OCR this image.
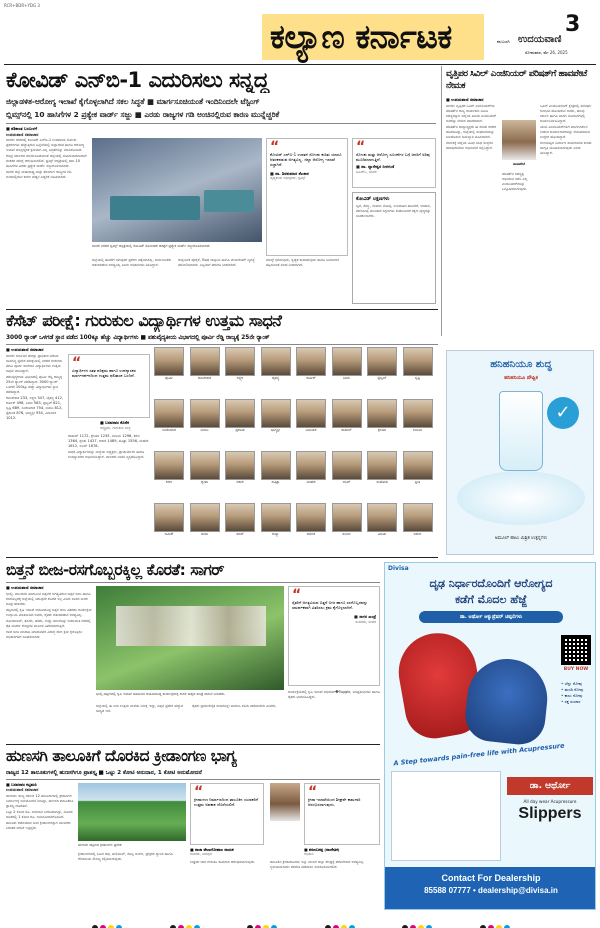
RCR+BDR+YDG 3
ಕಲ್ಯಾಣ ಕರ್ನಾಟಕ	3
ಕಲಬುರಗಿ ಉದಯವಾಣಿ
ಸೋಮವಾರ, ಮೇ 26, 2025
ಕೋವಿಡ್ ಎನ್‌ಬಿ-1 ಎದುರಿಸಲು ಸನ್ನದ್ಧ
ಜಿಲ್ಲಾಡಳಿತ-ಆರೋಗ್ಯ ಇಲಾಖೆ ಕೈಗೊಳ್ಳಲಾಗಿದೆ ಸಕಲ ಸಿದ್ಧತೆ ■ ಮಾರ್ಗಸೂಚಿಯಂತೆ ಇಂದಿನಿಂದಲೇ ಟೆಸ್ಟಿಂಗ್
ಬ್ಲಿಮ್ಸ್‌ನಲ್ಲಿ 10 ಹಾಸಿಗೆಗಳ 2 ಪ್ರತ್ಯೇಕ ವಾರ್ಡ್ ಸಜ್ಜು ■ ಎರಡು ರಾಜ್ಯಗಳ ಗಡಿ ಅಂಚಿನಲ್ಲಿರುವ ಕಾರಣ ಮುನ್ನೆಚ್ಚರಿಕೆ
■ ಶಶಿಕಾಂತ ಬಂಬುಳಗೆ
ಉದಯವಾಣಿ ಸಮಾಚಾರ

ಬೀದರ: ದೇಶದಲ್ಲಿ ಕೋವಿಡ್ ಎನ್‌ಬಿ-1 ಉಪತಳಿಯ ಸೋಂಕು ಪ್ರಕರಣಗಳು ಹೆಚ್ಚುತ್ತಿರುವ ಹಿನ್ನೆಲೆಯಲ್ಲಿ ಜಿಲ್ಲಾಡಳಿತ ಹಾಗೂ ಆರೋಗ್ಯ ಇಲಾಖೆ ಮುನ್ನೆಚ್ಚರಿಕೆ ಕ್ರಮವಾಗಿ ಎಲ್ಲ ಸಿದ್ಧತೆಗಳನ್ನು ಮಾಡಿಕೊಂಡಿದೆ.

ಕೇಂದ್ರ ಸರ್ಕಾರದ ಮಾರ್ಗಸೂಚಿಯಂತೆ ಜಿಲ್ಲೆಯಲ್ಲಿ ಸೋಮವಾರದಿಂದಲೇ ಶಂಕಿತರ ಪರೀಕ್ಷೆ ಆರಂಭವಾಗಲಿದೆ. ಬ್ರಿಮ್ಸ್ ಆಸ್ಪತ್ರೆಯಲ್ಲಿ ತಲಾ 10 ಹಾಸಿಗೆಗಳ ಎರಡು ಪ್ರತ್ಯೇಕ ವಾರ್ಡ್ ಸಜ್ಜುಗೊಳಿಸಲಾಗಿದೆ.

ಬೀದರ ಜಿಲ್ಲೆ ಮಹಾರಾಷ್ಟ್ರ ಮತ್ತು ತೆಲಂಗಾಣ ರಾಜ್ಯಗಳ ಗಡಿ ಅಂಚಿನಲ್ಲಿರುವ ಕಾರಣ ಹೆಚ್ಚಿನ ಎಚ್ಚರಿಕೆ ವಹಿಸಲಾಗಿದೆ.

ಬೀದರ ನಗರದ ಬ್ರಿಮ್ಸ್ ಆಸ್ಪತ್ರೆಯಲ್ಲಿ ಕೋವಿಡ್ ಸೋಂಕಿತರ ಚಿಕಿತ್ಸೆಗೆ ಪ್ರತ್ಯೇಕ ವಾರ್ಡ್ ಸಜ್ಜುಗೊಳಿಸಲಾಗಿದೆ.

ಜಿಲ್ಲೆಯಲ್ಲಿ ಈವರೆಗೆ ಯಾವುದೇ ಪ್ರಕರಣ ಪತ್ತೆಯಾಗಿಲ್ಲ. ಸಾರ್ವಜನಿಕರು ಆತಂಕಪಡುವ ಅಗತ್ಯವಿಲ್ಲ ಎಂದು ಅಧಿಕಾರಿಗಳು ತಿಳಿಸಿದ್ದಾರೆ.

ಆಮ್ಲಜನಕ ಪೂರೈಕೆ, ಔಷಧ ದಾಸ್ತಾನು ಹಾಗೂ ವೆಂಟಿಲೇಟರ್ ವ್ಯವಸ್ಥೆ ಪರಿಶೀಲಿಸಲಾಗಿದೆ. ಸಿಬ್ಬಂದಿಗೆ ತರಬೇತಿ ನೀಡಲಾಗಿದೆ.

“
ಕೋವಿಡ್ ಎನ್‌ಬಿ-1 ಉಪತಳಿ ಸೋಂಕು ಕುರಿತು ಯಾರೂ ಆತಂಕಪಡುವ ಅಗತ್ಯವಿಲ್ಲ. ಜಿಲ್ಲಾ ಆರೋಗ್ಯ ಇಲಾಖೆ ಸಜ್ಜಾಗಿದೆ.
■ ಡಾ. ಶಿವಕುಮಾರ ಶೆಟಕಾರ
ವೈದ್ಯಕೀಯ ಅಧೀಕ್ಷಕರು, ಬ್ರಿಮ್ಸ್

ಮಾಸ್ಕ್ ಧರಿಸುವುದು, ಸ್ವಚ್ಛತೆ ಕಾಪಾಡುವುದು ಹಾಗೂ ಜನಸಂದಣಿ ತಪ್ಪಿಸುವಂತೆ ಸಲಹೆ ನೀಡಲಾಗಿದೆ.

“
ಸೋಂಕು ಮತ್ತು ಆರೋಗ್ಯ ಸೂಚನೆಗಳ ಬಗ್ಗೆ ಜನರಿಗೆ ಅರಿವು ಮೂಡಿಸಲಾಗುತ್ತಿದೆ.
■ ಡಾ. ಧ್ಯಾನೇಶ್ವರ ನೀರಗುಡೆ
ಡಿಎಚ್‌ಒ, ಬೀದರ
ಕೋವಿಡ್ ಲಕ್ಷಣಗಳು
ಜ್ವರ, ಕೆಮ್ಮು, ಗಂಟಲು ನೋವು, ಉಸಿರಾಟದ ತೊಂದರೆ, ಆಯಾಸ, ತಲೆನೋವು ಮುಂತಾದ ಲಕ್ಷಣಗಳು ಕಂಡುಬಂದರೆ ತಕ್ಷಣ ವೈದ್ಯರನ್ನು ಸಂಪರ್ಕಿಸಬೇಕು.
ವೃತ್ತಿಪರ ಸಿವಿಲ್ ಎಂಜಿನಿಯರ್ ಪರಿಷತ್‌ಗೆ ಹಾವಪೇಟೆ ನೇಮಕ
■ ಉದಯವಾಣಿ ಸಮಾಚಾರ

ಬೀದರ: ವೃತ್ತಿಪರ ಸಿವಿಲ್ ಎಂಜಿನಿಯರ್‌ಗಳ ಪರಿಷತ್‌ನ ರಾಜ್ಯ ಕಾರ್ಯಕಾರಿ ಸಮಿತಿ ಸದಸ್ಯರನ್ನಾಗಿ ಜಿಲ್ಲೆಯ ಹಿರಿಯ ಎಂಜಿನಿಯರ್ ಅವರನ್ನು ನೇಮಕ ಮಾಡಲಾಗಿದೆ.

ಪರಿಷತ್‌ನ ರಾಜ್ಯಾಧ್ಯಕ್ಷರು ಈ ಕುರಿತು ಆದೇಶ ಹೊರಡಿಸಿದ್ದು, ಜಿಲ್ಲೆಯಲ್ಲಿ ಸಂಘಟನೆಯನ್ನು ಬಲಪಡಿಸುವ ಜವಾಬ್ದಾರಿ ವಹಿಸಲಾಗಿದೆ.

ನೇಮಕಕ್ಕೆ ಜಿಲ್ಲೆಯ ವಿವಿಧ ಸಂಘ ಸಂಸ್ಥೆಗಳ ಪದಾಧಿಕಾರಿಗಳು ಅಭಿನಂದನೆ ಸಲ್ಲಿಸಿದ್ದಾರೆ.

ಹಾವಪೇಟೆ

ಸಿವಿಲ್ ಎಂಜಿನಿಯರಿಂಗ್ ಕ್ಷೇತ್ರದಲ್ಲಿ ಸುದೀರ್ಘ ಅನುಭವ ಹೊಂದಿರುವ ಅವರು, ಹಲವು ಸರ್ಕಾರಿ ಹಾಗೂ ಖಾಸಗಿ ಯೋಜನೆಗಳಲ್ಲಿ ಕಾರ್ಯನಿರ್ವಹಿಸಿದ್ದಾರೆ.

ಯುವ ಎಂಜಿನಿಯರ್‌ಗಳಿಗೆ ಮಾರ್ಗದರ್ಶನ ನೀಡುವ ಕಾರ್ಯಾಗಾರಗಳನ್ನು ಆಯೋಜಿಸುವ ಉದ್ದೇಶ ಹೊಂದಿದ್ದಾರೆ.

ಗುಣಮಟ್ಟದ ನಿರ್ಮಾಣ ಕಾಮಗಾರಿಗಳ ಕುರಿತು ಜಾಗೃತಿ ಮೂಡಿಸಲಾಗುವುದು ಎಂದು ತಿಳಿಸಿದ್ದಾರೆ.

ಪರಿಷತ್‌ನ ಸದಸ್ಯತ್ವ ಅಭಿಯಾನ ನಡೆಸಿ ಎಲ್ಲ ಎಂಜಿನಿಯರ್‌ಗಳನ್ನು ಒಗ್ಗೂಡಿಸಲಾಗುವುದು.

ಕೆಸೆಟ್ ಪರೀಕ್ಷೆ: ಗುರುಕುಲ ವಿದ್ಯಾರ್ಥಿಗಳ ಉತ್ತಮ ಸಾಧನೆ
3000 ರ‍್ಯಾಂಕ್ ಒಳಗಡೆ ಸ್ಥಾನ ಪಡೆದ 100ಕ್ಕೂ ಹೆಚ್ಚು ವಿದ್ಯಾರ್ಥಿಗಳು ■ ಪಶುವೈದ್ಯಕೀಯ ವಿಭಾಗದಲ್ಲಿ ಪೂರ್ವಿ ರೆಡ್ಡಿ ರಾಜ್ಯಕ್ಕೆ 25ನೇ ರ‍್ಯಾಂಕ್
■ ಉದಯವಾಣಿ ಸಮಾಚಾರ

ಬೀದರ: ಕರ್ನಾಟಕ ಪರೀಕ್ಷಾ ಪ್ರಾಧಿಕಾರ ನಡೆಸಿದ ಸಾಮಾನ್ಯ ಪ್ರವೇಶ ಪರೀಕ್ಷೆಯಲ್ಲಿ ನಗರದ ಗುರುಕುಲ ಪದವಿ ಪೂರ್ವ ಕಾಲೇಜಿನ ವಿದ್ಯಾರ್ಥಿಗಳು ಉತ್ತಮ ಸಾಧನೆ ಮಾಡಿದ್ದಾರೆ.

ಪಶುವೈದ್ಯಕೀಯ ವಿಭಾಗದಲ್ಲಿ ಪೂರ್ವಿ ರೆಡ್ಡಿ ರಾಜ್ಯಕ್ಕೆ 25ನೇ ರ‍್ಯಾಂಕ್ ಪಡೆದಿದ್ದಾರೆ. 3000 ರ‍್ಯಾಂಕ್ ಒಳಗಡೆ 100ಕ್ಕೂ ಹೆಚ್ಚು ವಿದ್ಯಾರ್ಥಿಗಳು ಸ್ಥಾನ ಪಡೆದಿದ್ದಾರೆ.

ರಾಜಶೇಖರ 233, ಲಕ್ಷ್ಮಣ 347, ಚೈತನ್ಯ 412, ಕಾರ್ತಿಕ್ 498, ನಿಖಿಲ 563, ಪ್ರಜ್ವಲ್ 621, ಸೃಷ್ಟಿ 689, ಶಿವಕುಮಾರ 754, ನಂದಿನಿ 812, ಪ್ರಶಾಂತ 876, ಭಾಗ್ಯಶ್ರೀ 934, ವಿನಾಯಕ 1012.

“
ವಿದ್ಯಾರ್ಥಿಗಳ ಸತತ ಪರಿಶ್ರಮ ಹಾಗೂ ಉಪನ್ಯಾಸಕರ ಮಾರ್ಗದರ್ಶನದಿಂದ ಉತ್ತಮ ಫಲಿತಾಂಶ ಬಂದಿದೆ.
■ ಬಸವರಾಜ ಕೊನೆಕ
ಅಧ್ಯಕ್ಷರು, ಗುರುಕುಲ ಸಂಸ್ಥೆ

ರಾಹುಲ್ 1172, ಶ್ರೇಯಾ 1235, ಸಂಜನಾ 1298, ಕಿರಣ 1364, ಶ್ವೇತಾ 1427, ಆಕಾಶ 1489, ಪವಿತ್ರಾ 1556, ಮಹೇಶ 1612, ಅನಿಲ್ 1678.

ಸಾಧಕ ವಿದ್ಯಾರ್ಥಿಗಳನ್ನು ಸಂಸ್ಥೆಯ ಅಧ್ಯಕ್ಷರು, ಪ್ರಾಚಾರ್ಯರು ಹಾಗೂ ಉಪನ್ಯಾಸಕರು ಅಭಿನಂದಿಸಿದ್ದಾರೆ. ಪಾಲಕರು ಸಂತಸ ವ್ಯಕ್ತಪಡಿಸಿದ್ದಾರೆ.

ಪೂರ್ವಿ	ರಾಜಶೇಖರ	ಲಕ್ಷ್ಮಣ	ಚೈತನ್ಯ	ಕಾರ್ತಿಕ್	ನಿಖಿಲ	ಪ್ರಜ್ವಲ್	ಸೃಷ್ಟಿ
ಶಿವಕುಮಾರ	ನಂದಿನಿ	ಪ್ರಶಾಂತ	ಭಾಗ್ಯಶ್ರೀ	ವಿನಾಯಕ	ರಾಹುಲ್	ಶ್ರೇಯಾ	ಸಂಜನಾ
ಕಿರಣ	ಶ್ವೇತಾ	ಆಕಾಶ	ಪವಿತ್ರಾ	ಮಹೇಶ	ಅನಿಲ್	ಸಂತೋಷ	ಪ್ರೀತಿ
ಅಮಿತ್	ದೀಪಾ	ಸಚಿನ್	ಕಾವ್ಯಾ	ರಮೇಶ	ಸುನೀಲ	ವಿಜಯ	ಅರುಣ
ಹನಿಹನಿಯೂ ಶುದ್ಧ
ಹನಿಹನಿಯೂ ಪೌಷ್ಟಿಕ
✓
ಅಮೂಲ್ ಹಾಲು ಮಿಶ್ರಿತ ಉತ್ಪನ್ನಗಳು
ಬಿತ್ತನೆ ಬೀಜ-ರಸಗೊಬ್ಬರಕ್ಕಿಲ್ಲ ಕೊರತೆ: ಸಾಗರ್
■ ಉದಯವಾಣಿ ಸಮಾಚಾರ

ಭಾಲ್ಕಿ: ಮುಂಗಾರು ಹಂಗಾಮಿನ ಬಿತ್ತನೆಗೆ ಅಗತ್ಯವಿರುವ ಬಿತ್ತನೆ ಬೀಜ ಹಾಗೂ ರಸಗೊಬ್ಬರಕ್ಕೆ ಜಿಲ್ಲೆಯಲ್ಲಿ ಯಾವುದೇ ಕೊರತೆ ಇಲ್ಲ ಎಂದು ಸಂಸದ ಸಾಗರ ಖಂಡ್ರೆ ಹೇಳಿದರು.

ಪಟ್ಟಣದಲ್ಲಿ ಕೃಷಿ ಇಲಾಖೆ ಆಯೋಜಿಸಿದ್ದ ಬಿತ್ತನೆ ಬೀಜ ವಿತರಣಾ ಕಾರ್ಯಕ್ರಮ ಉದ್ಘಾಟಿಸಿ ಮಾತನಾಡಿದ ಅವರು, ರೈತರು ಆತಂಕಪಡುವ ಅಗತ್ಯವಿಲ್ಲ.

ಸೋಯಾಬಿನ್, ತೊಗರಿ, ಹೆಸರು, ಉದ್ದು ಬೀಜಗಳನ್ನು ರಿಯಾಯಿತಿ ದರದಲ್ಲಿ ರೈತ ಸಂಪರ್ಕ ಕೇಂದ್ರಗಳ ಮೂಲಕ ವಿತರಿಸಲಾಗುತ್ತಿದೆ.

ಕಳಪೆ ಬೀಜ ಮಾರಾಟ ಮಾಡುವವರ ವಿರುದ್ಧ ಕಠಿಣ ಕ್ರಮ ಕೈಗೊಳ್ಳಲು ಅಧಿಕಾರಿಗಳಿಗೆ ಸೂಚಿಸಲಾಗಿದೆ.

ಭಾಲ್ಕಿ ಪಟ್ಟಣದಲ್ಲಿ ಕೃಷಿ ಇಲಾಖೆ ವತಿಯಿಂದ ಆಯೋಜಿಸಿದ್ದ ಕಾರ್ಯಕ್ರಮಕ್ಕೆ ಶಾಸಕ ಈಶ್ವರ ಖಂಡ್ರೆ ಚಾಲನೆ ನೀಡಿದರು.

ಜಿಲ್ಲೆಯಲ್ಲಿ ಈ ಬಾರಿ ಉತ್ತಮ ಮಳೆಯ ನಿರೀಕ್ಷೆ ಇದ್ದು, ಬಿತ್ತನೆ ಪ್ರದೇಶ ಹೆಚ್ಚುವ ಸಾಧ್ಯತೆ ಇದೆ.

ರೈತರು ಪ್ರಮಾಣೀಕೃತ ಬೀಜಗಳನ್ನೇ ಖರೀದಿಸಿ ರಸೀದಿ ಪಡೆಯಬೇಕು ಎಂದರು.

“
ರೈತರಿಗೆ ಅಗತ್ಯವಿರುವ ಬಿತ್ತನೆ ಬೀಜ ಹಾಗೂ ರಸಗೊಬ್ಬರವನ್ನು ಸಮರ್ಪಕವಾಗಿ ವಿತರಿಸಲು ಕ್ರಮ ಕೈಗೊಳ್ಳಲಾಗಿದೆ.
■ ಸಾಗರ ಖಂಡ್ರೆ
ಸಂಸದರು, ಬೀದರ

ಕಾರ್ಯಕ್ರಮದಲ್ಲಿ ಕೃಷಿ ಇಲಾಖೆ ಅಧಿಕಾರಿಗ�Toggle, ಜನಪ್ರತಿನಿಧಿಗಳು ಹಾಗೂ ರೈತರು ಭಾಗವಹಿಸಿದ್ದರು.

ಹುಣಸಗಿ ತಾಲೂಕಿಗೆ ದೊರಕಿದ ಕ್ರೀಡಾಂಗಣ ಭಾಗ್ಯ
ರಾಜ್ಯದ 12 ತಾಲೂಕುಗಳಲ್ಲಿ ಹುಣಸಗಿಗೂ ಪ್ರಾಶಸ್ತ್ಯ ■ ಒಟ್ಟು 2 ಕೋಟಿ ಅನುದಾನ, 1 ಕೋಟಿ ಅನುಮೋದನೆ
■ ಬಸವರಾಜ ಕಟ್ಟಿಮನಿ
ಉದಯವಾಣಿ ಸಮಾಚಾರ

ಹುಣಸಗಿ: ರಾಜ್ಯ ಸರ್ಕಾರ 12 ತಾಲೂಕುಗಳಲ್ಲಿ ಕ್ರೀಡಾಂಗಣ ನಿರ್ಮಾಣಕ್ಕೆ ಅನುಮೋದನೆ ನೀಡಿದ್ದು, ಹುಣಸಗಿ ತಾಲೂಕಿಗೂ ಪ್ರಾಶಸ್ತ್ಯ ದೊರೆತಿದೆ.

ಒಟ್ಟು 2 ಕೋಟಿ ರೂ. ಅನುದಾನ ನಿಗದಿಯಾಗಿದ್ದು, ಮೊದಲ ಹಂತದಲ್ಲಿ 1 ಕೋಟಿ ರೂ. ಅನುಮೋದನೆಗೊಂಡಿದೆ.

ತಾಲೂಕು ರಚನೆಯಾದ ಬಳಿಕ ಕ್ರೀಡಾಂಗಣಕ್ಕಾಗಿ ಯುವಕರು ನಿರಂತರ ಬೇಡಿಕೆ ಇಟ್ಟಿದ್ದರು.

ಹುಣಸಗಿ ಪಟ್ಟಣದ ಕ್ರೀಡಾಂಗಣ ಪ್ರದೇಶ

ಕ್ರೀಡಾಂಗಣದಲ್ಲಿ ಓಟದ ಪಥ, ವಾಲಿಬಾಲ್, ಕಬಡ್ಡಿ ಅಂಕಣ, ಪ್ರೇಕ್ಷಕರ ಗ್ಯಾಲರಿ ಹಾಗೂ ಶೌಚಾಲಯ ಸೌಲಭ್ಯ ಕಲ್ಪಿಸಲಾಗುವುದು.

“
ಕ್ರೀಡಾಂಗಣ ನಿರ್ಮಾಣದಿಂದ ತಾಲೂಕಿನ ಯುವಕರಿಗೆ ಉತ್ತಮ ಅವಕಾಶ ದೊರೆಯಲಿದೆ.
■ ರಾಜಾ ವೇಣುಗೋಪಾಲ ನಾಯಕ
ಶಾಸಕರು, ಸುರಪುರ

ಶೀಘ್ರವೇ ಜಾಗ ಗುರುತಿಸಿ ಕಾಮಗಾರಿ ಆರಂಭಿಸಲಾಗುವುದು.

“
ಕ್ರೀಡಾ ಇಲಾಖೆಯಿಂದ ಶೀಘ್ರವೇ ಕಾಮಗಾರಿ ಆರಂಭಿಸಲಾಗುವುದು.
■ ಶರಣಬಸಪ್ಪ (ಸಾಂಕೇತಿಕ)
ಅಧಿಕಾರಿ

ತಾಲೂಕಿನ ಕ್ರೀಡಾಪಟುಗಳು ಇನ್ನು ಮುಂದೆ ಜಿಲ್ಲಾ ಕೇಂದ್ರಕ್ಕೆ ತೆರಳಬೇಕಾದ ಅಗತ್ಯವಿಲ್ಲ. ಸ್ಥಳೀಯವಾಗಿಯೇ ತರಬೇತಿ ಪಡೆಯಲು ಅನುಕೂಲವಾಗಲಿದೆ.

Divisa
ದೃಢ ನಿರ್ಧಾರದೊಂದಿಗೆ ಆರೋಗ್ಯದ
ಕಡೆಗೆ ಮೊದಲ ಹೆಜ್ಜೆ
ಡಾ. ಆರ್ಥೋ ಆಕ್ಯುಪ್ರೆಷರ್ ಚಪ್ಪಲಿಗಳು
BUY NOW
• ಬೆನ್ನು ನೋವು
• ಮಂಡಿ ನೋವು
• ಕಾಲು ನೋವು
• ರಕ್ತ ಸಂಚಾರ
A Step towards pain-free life with Acupressure
ಡಾ. ಆರ್ಥೋ
All day wear Acupressure
Slippers
Contact For Dealership
85588 07777 • dealership@divisa.in
